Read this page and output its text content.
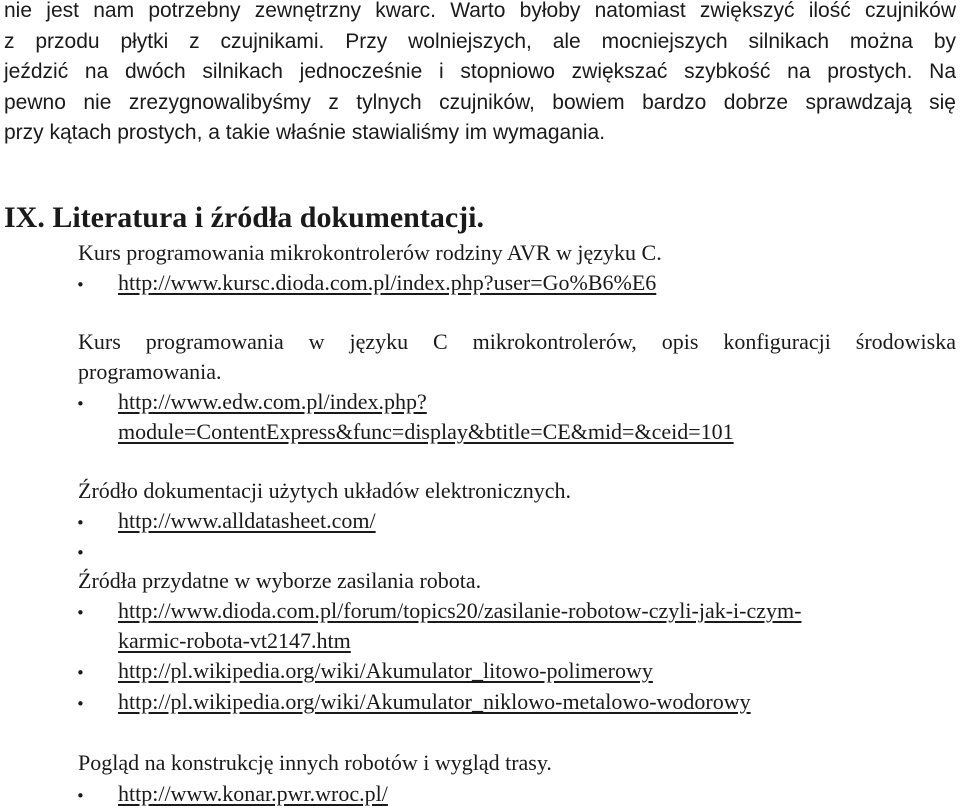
nie jest nam potrzebny zewnętrzny kwarc. Warto byłoby natomiast zwiększyć ilość czujników
z przodu płytki z czujnikami. Przy wolniejszych, ale mocniejszych silnikach można by
jeździć na dwóch silnikach jednocześnie i stopniowo zwiększać szybkość na prostych. Na
pewno nie zrezygnowalibyśmy z tylnych czujników, bowiem bardzo dobrze sprawdzają się
przy kątach prostych, a takie właśnie stawialiśmy im wymagania.
IX. Literatura i źródła dokumentacji.
Kurs programowania mikrokontrolerów rodziny AVR w języku C.
• http://www.kursc.dioda.com.pl/index.php?user=Go%B6%E6
Kurs programowania w języku C mikrokontrolerów, opis konfiguracji środowiska
programowania.
• http://www.edw.com.pl/index.php?
module=ContentExpress&func=display&btitle=CE&mid=&ceid=101
Źródło dokumentacji użytych układów elektronicznych.
• http://www.alldatasheet.com/
•
Źródła przydatne w wyborze zasilania robota.
• http://www.dioda.com.pl/forum/topics20/zasilanie-robotow-czyli-jak-i-czym-
karmic-robota-vt2147.htm
• http://pl.wikipedia.org/wiki/Akumulator_litowo-polimerowy
• http://pl.wikipedia.org/wiki/Akumulator_niklowo-metalowo-wodorowy
Pogląd na konstrukcję innych robotów i wygląd trasy.
• http://www.konar.pwr.wroc.pl/
